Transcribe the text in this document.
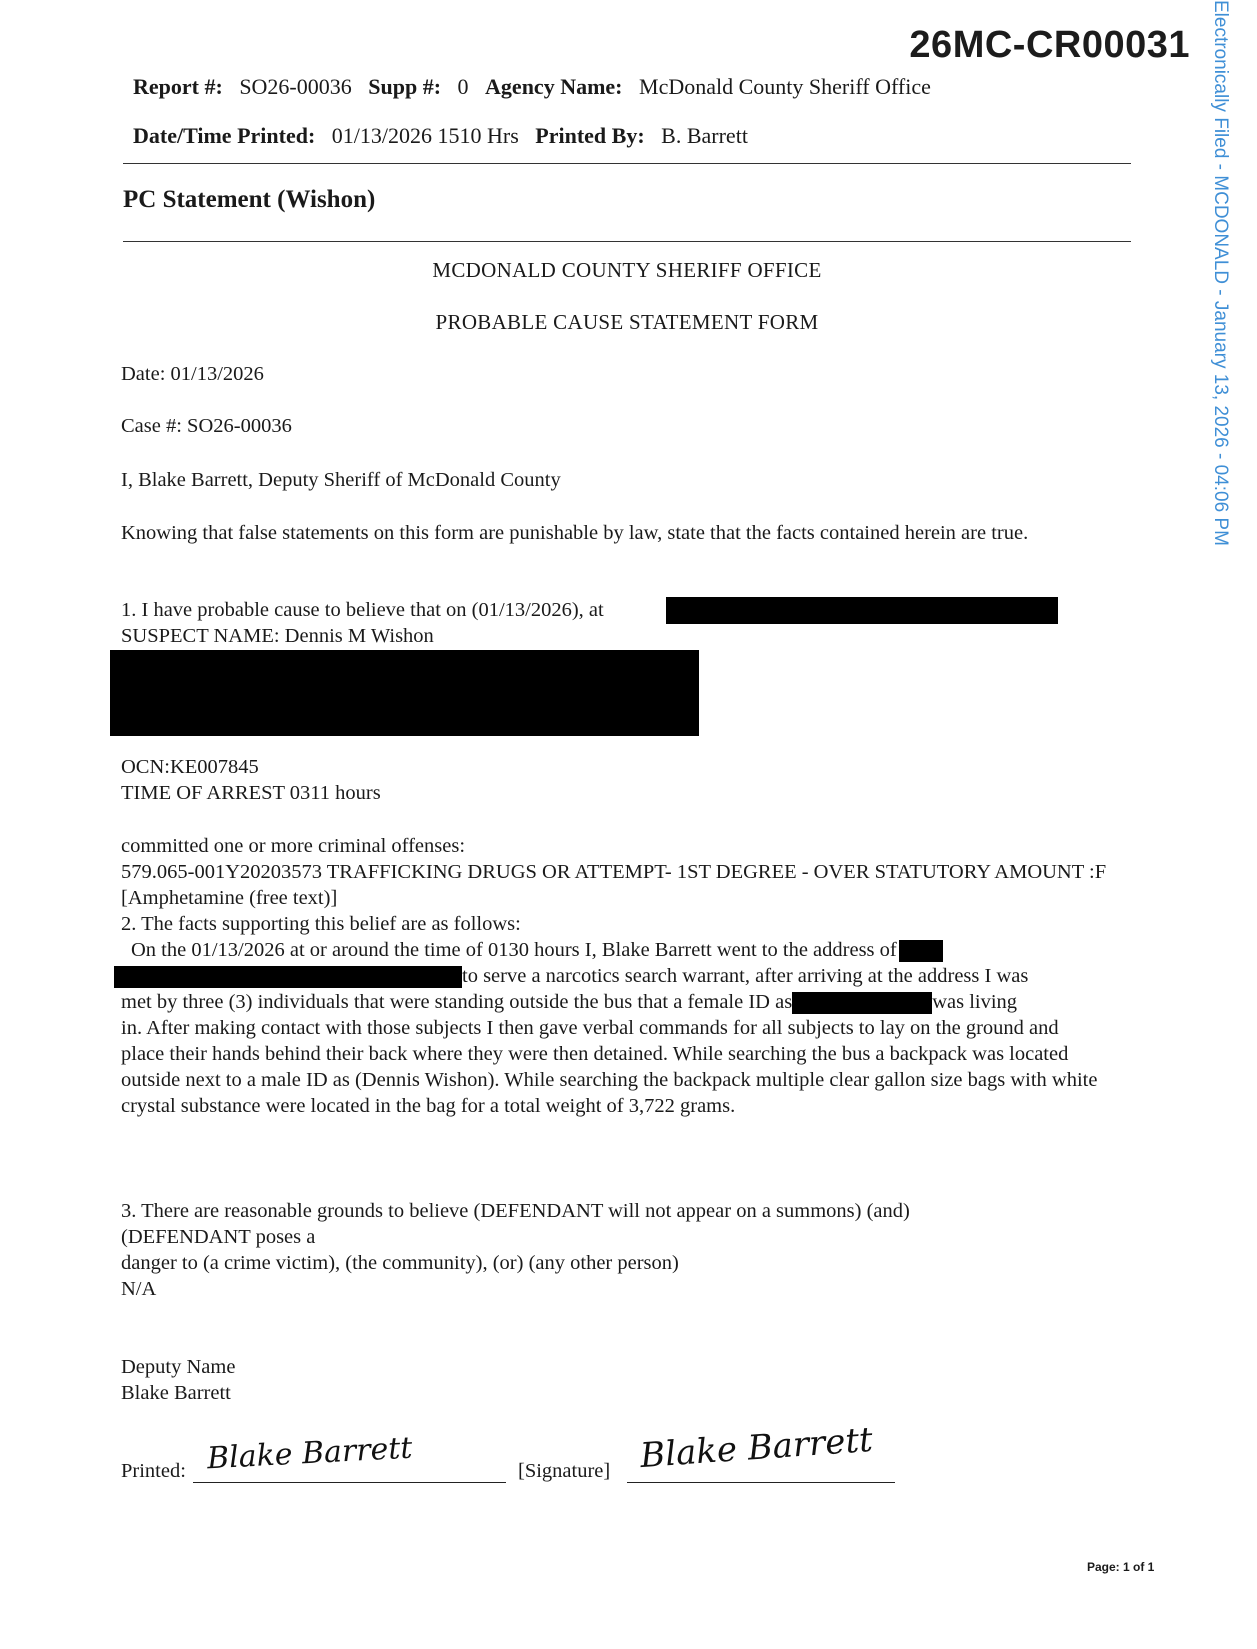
26MC-CR00031 Electronically Filed - MCDONALD - January 13, 2026 - 04:06 PM
Report #: SO26-00036 Supp #: 0 Agency Name: McDonald County Sheriff Office
Date/Time Printed: 01/13/2026 1510 Hrs Printed By: B. Barrett
PC Statement (Wishon)
MCDONALD COUNTY SHERIFF OFFICE
PROBABLE CAUSE STATEMENT FORM
Date: 01/13/2026
Case #: SO26-00036
I, Blake Barrett, Deputy Sheriff of McDonald County
Knowing that false statements on this form are punishable by law, state that the facts contained herein are true.
1. I have probable cause to believe that on (01/13/2026), at
SUSPECT NAME: Dennis M Wishon
OCN:KE007845
TIME OF ARREST 0311 hours
committed one or more criminal offenses:
579.065-001Y20203573 TRAFFICKING DRUGS OR ATTEMPT- 1ST DEGREE - OVER STATUTORY AMOUNT :F [Amphetamine (free text)]
2. The facts supporting this belief are as follows:
On the 01/13/2026 at or around the time of 0130 hours I, Blake Barrett went to the address of
to serve a narcotics search warrant, after arriving at the address I was
met by three (3) individuals that were standing outside the bus that a female ID as	was living
in. After making contact with those subjects I then gave verbal commands for all subjects to lay on the ground and place their hands behind their back where they were then detained. While searching the bus a backpack was located outside next to a male ID as (Dennis Wishon). While searching the backpack multiple clear gallon size bags with white crystal substance were located in the bag for a total weight of 3,722 grams.
3. There are reasonable grounds to believe (DEFENDANT will not appear on a summons) (and)
(DEFENDANT poses a
danger to (a crime victim), (the community), (or) (any other person)
N/A
Deputy Name
Blake Barrett
Printed: Blake Barrett	[Signature] Blake Barrett
Page: 1 of 1
